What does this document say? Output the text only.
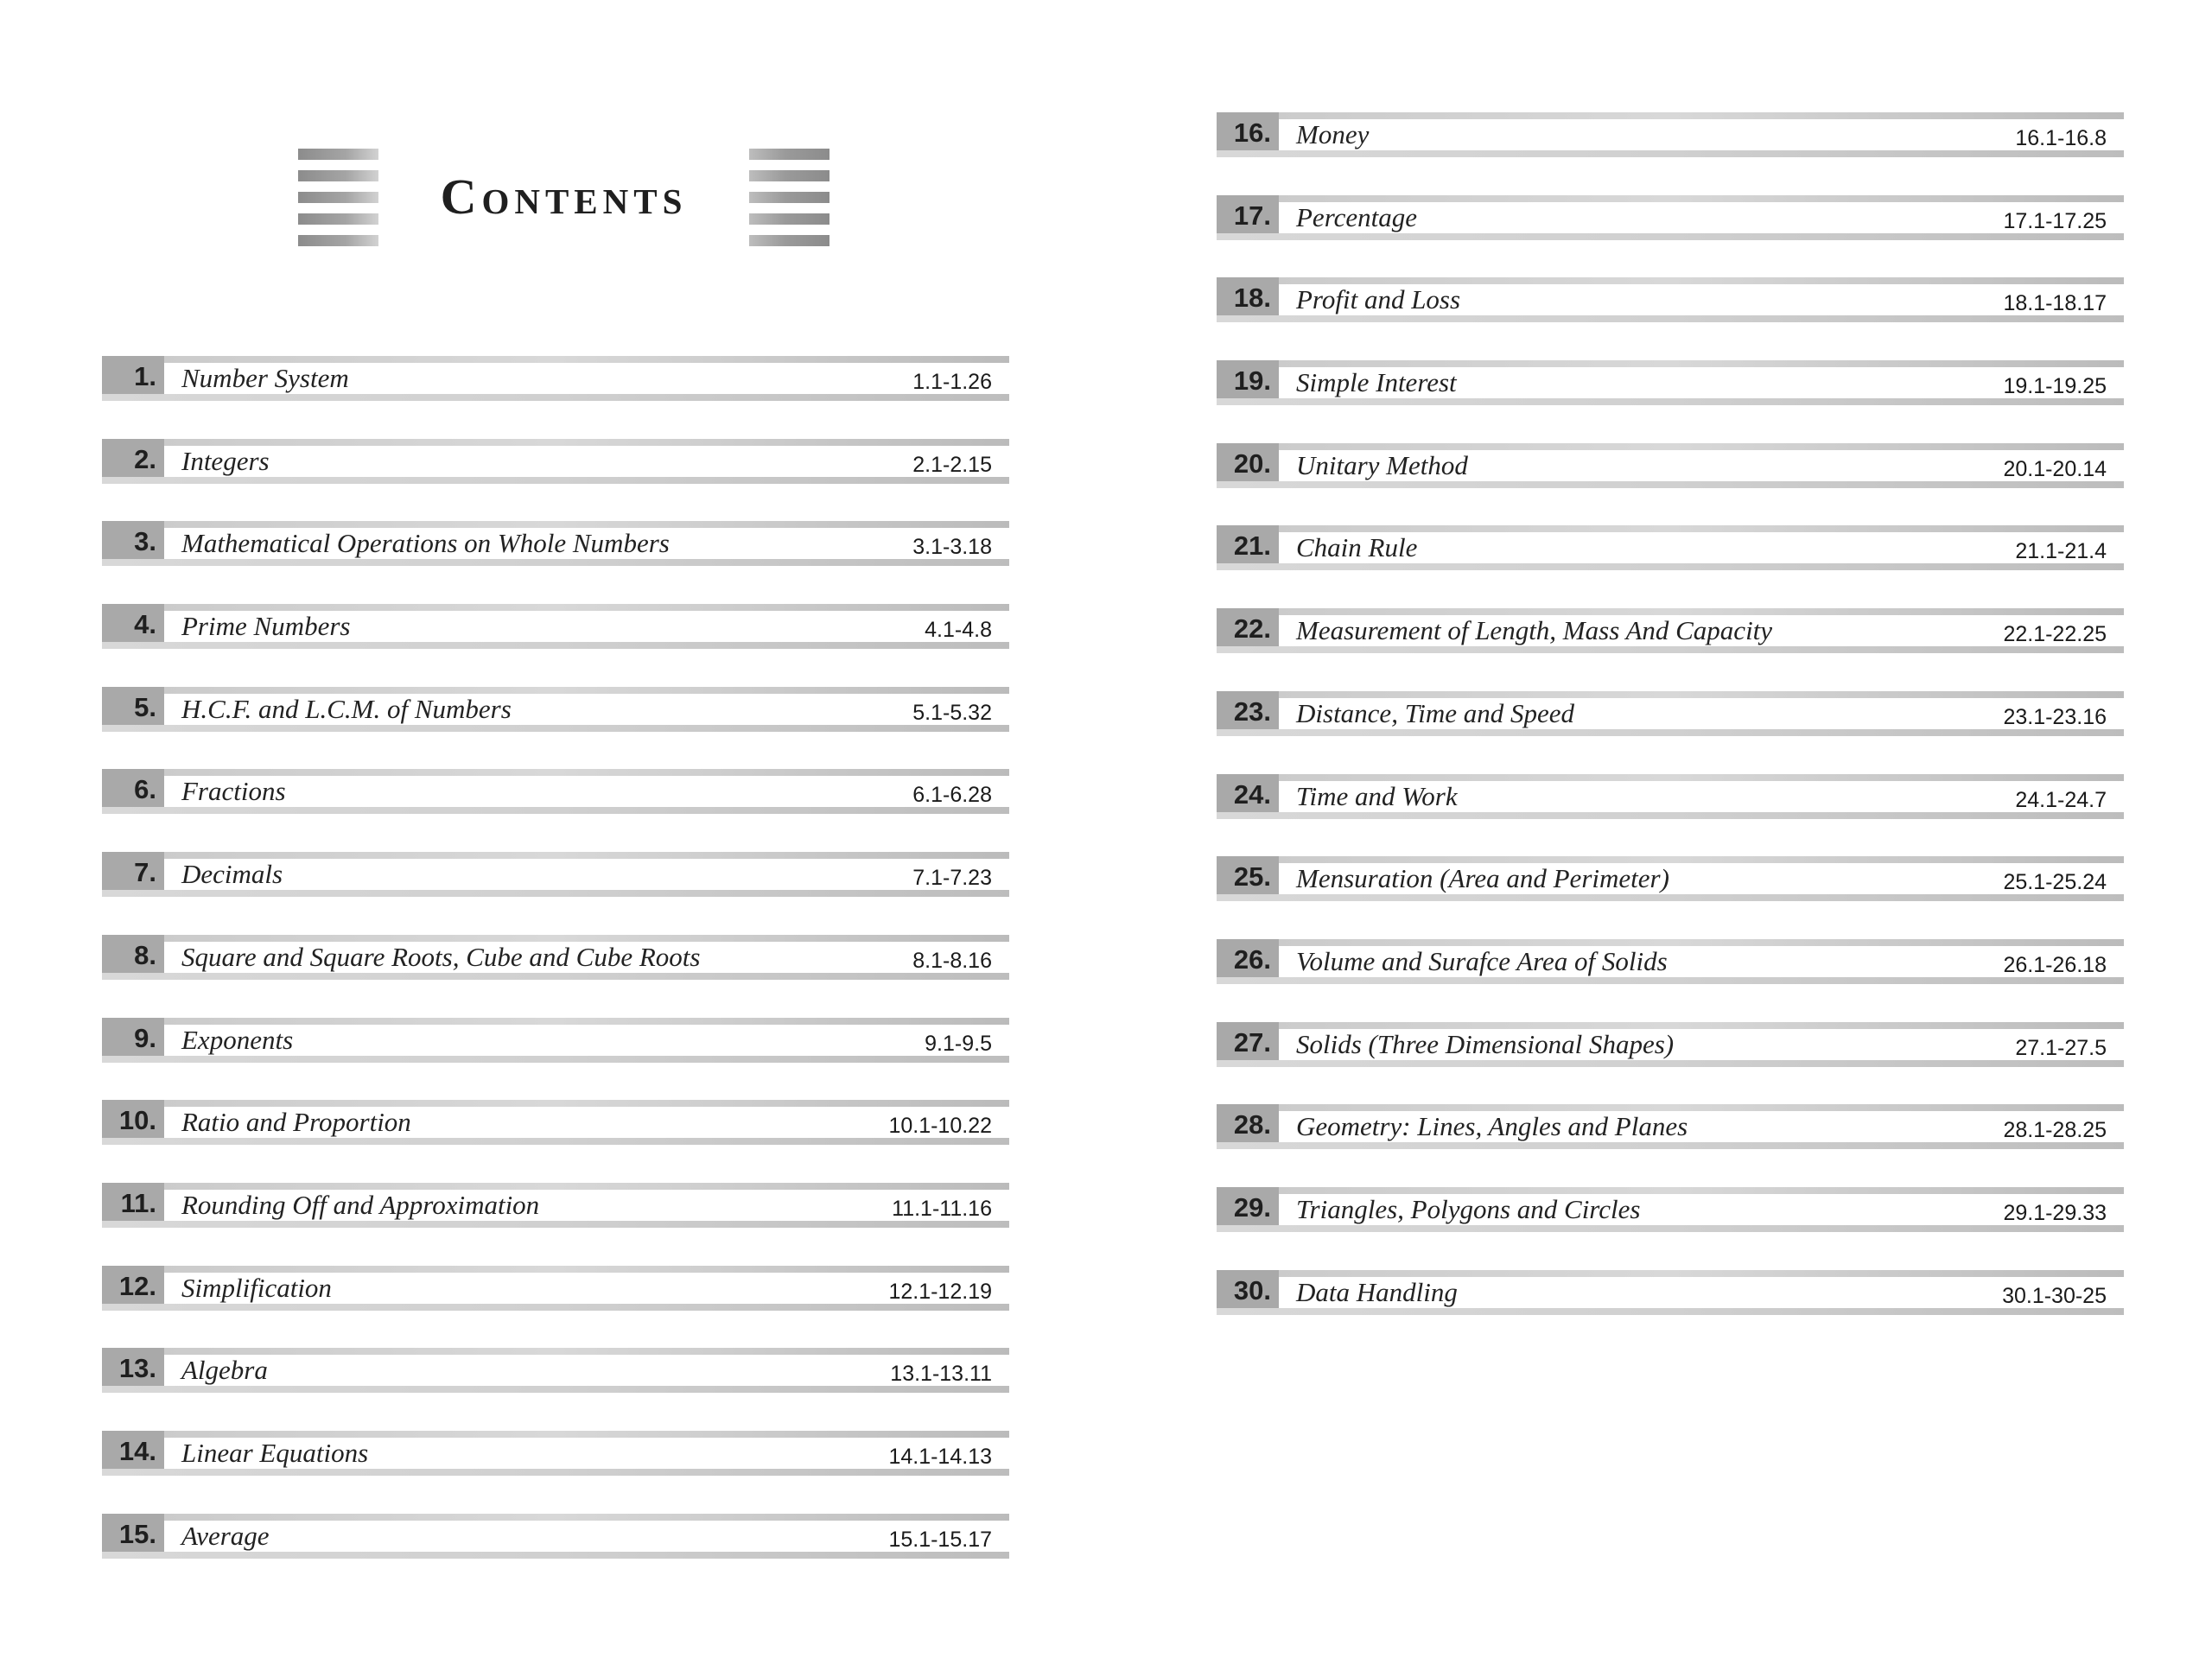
Contents
1. Number System	1.1-1.26
2. Integers	2.1-2.15
3. Mathematical Operations on Whole Numbers	3.1-3.18
4. Prime Numbers	4.1-4.8
5. H.C.F. and L.C.M. of Numbers	5.1-5.32
6. Fractions	6.1-6.28
7. Decimals	7.1-7.23
8. Square and Square Roots, Cube and Cube Roots	8.1-8.16
9. Exponents	9.1-9.5
10. Ratio and Proportion	10.1-10.22
11. Rounding Off and Approximation	11.1-11.16
12. Simplification	12.1-12.19
13. Algebra	13.1-13.11
14. Linear Equations	14.1-14.13
15. Average	15.1-15.17
16. Money	16.1-16.8
17. Percentage	17.1-17.25
18. Profit and Loss	18.1-18.17
19. Simple Interest	19.1-19.25
20. Unitary Method	20.1-20.14
21. Chain Rule	21.1-21.4
22. Measurement of Length, Mass And Capacity	22.1-22.25
23. Distance, Time and Speed	23.1-23.16
24. Time and Work	24.1-24.7
25. Mensuration (Area and Perimeter)	25.1-25.24
26. Volume and Surafce Area of Solids	26.1-26.18
27. Solids (Three Dimensional Shapes)	27.1-27.5
28. Geometry: Lines, Angles and Planes	28.1-28.25
29. Triangles, Polygons and Circles	29.1-29.33
30. Data Handling	30.1-30-25
